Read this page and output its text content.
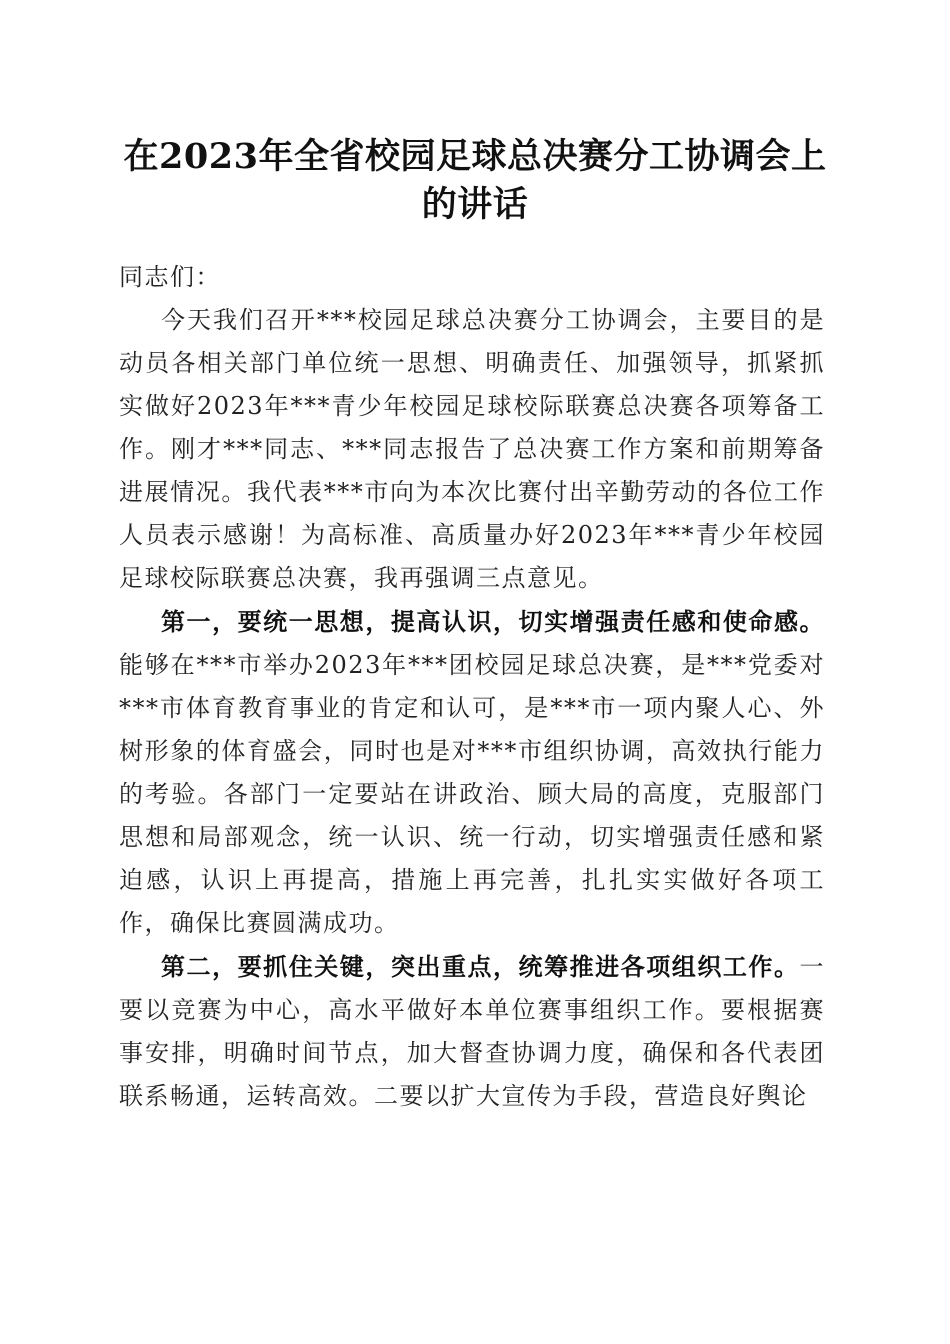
在2023年全省校园足球总决赛分工协调会上的讲话

同志们：

今天我们召开***校园足球总决赛分工协调会，主要目的是动员各相关部门单位统一思想、明确责任、加强领导，抓紧抓实做好2023年***青少年校园足球校际联赛总决赛各项筹备工作。刚才***同志、***同志报告了总决赛工作方案和前期筹备进展情况。我代表***市向为本次比赛付出辛勤劳动的各位工作人员表示感谢！为高标准、高质量办好2023年***青少年校园足球校际联赛总决赛，我再强调三点意见。

第一，要统一思想，提高认识，切实增强责任感和使命感。能够在***市举办2023年***团校园足球总决赛，是***党委对***市体育教育事业的肯定和认可，是***市一项内聚人心、外树形象的体育盛会，同时也是对***市组织协调，高效执行能力的考验。各部门一定要站在讲政治、顾大局的高度，克服部门思想和局部观念，统一认识、统一行动，切实增强责任感和紧迫感，认识上再提高，措施上再完善，扎扎实实做好各项工作，确保比赛圆满成功。

第二，要抓住关键，突出重点，统筹推进各项组织工作。一要以竞赛为中心，高水平做好本单位赛事组织工作。要根据赛事安排，明确时间节点，加大督查协调力度，确保和各代表团联系畅通，运转高效。二要以扩大宣传为手段，营造良好舆论
